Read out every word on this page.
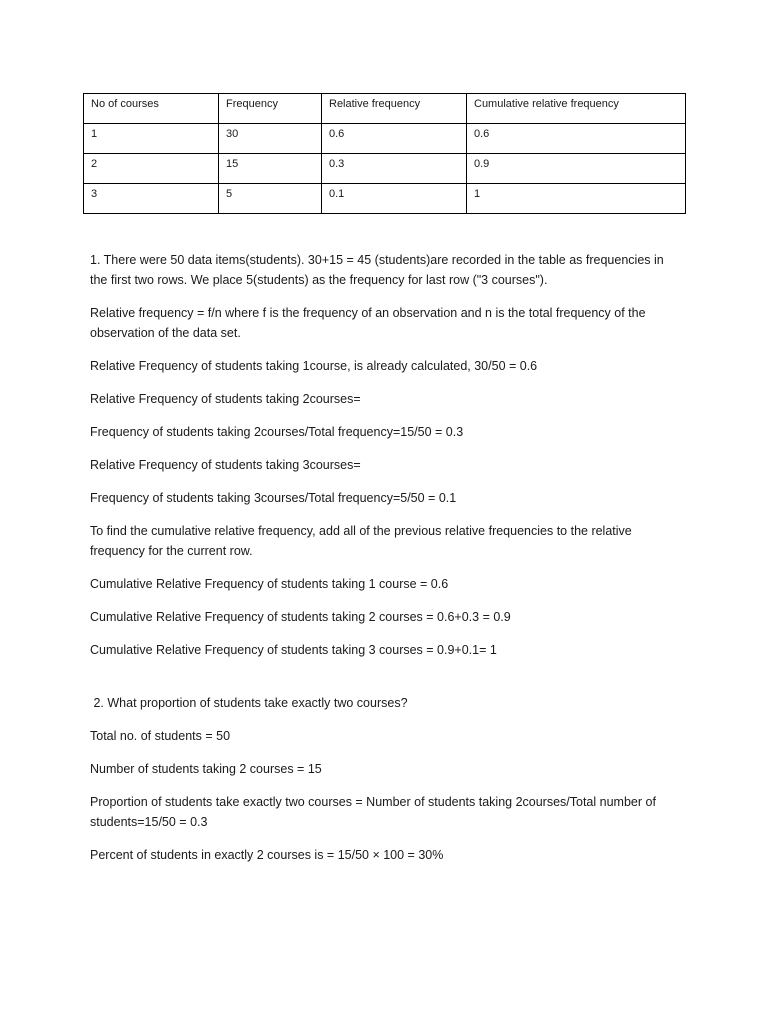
No of courses	Frequency	Relative frequency	Cumulative relative frequency
1	30	0.6	0.6
2	15	0.3	0.9
3	5	0.1	1

1. There were 50 data items(students). 30+15 = 45 (students)are recorded in the table as frequencies in the first two rows. We place 5(students) as the frequency for last row ("3 courses").

Relative frequency = f/n where f is the frequency of an observation and n is the total frequency of the observation of the data set.

Relative Frequency of students taking 1course, is already calculated, 30/50 = 0.6

Relative Frequency of students taking 2courses=

Frequency of students taking 2courses/Total frequency=15/50 = 0.3

Relative Frequency of students taking 3courses=

Frequency of students taking 3courses/Total frequency=5/50 = 0.1

To find the cumulative relative frequency, add all of the previous relative frequencies to the relative frequency for the current row.

Cumulative Relative Frequency of students taking 1 course = 0.6

Cumulative Relative Frequency of students taking 2 courses = 0.6+0.3 = 0.9

Cumulative Relative Frequency of students taking 3 courses = 0.9+0.1= 1

2. What proportion of students take exactly two courses?

Total no. of students = 50

Number of students taking 2 courses = 15

Proportion of students take exactly two courses = Number of students taking 2courses/Total number of students=15/50 = 0.3

Percent of students in exactly 2 courses is = 15/50 × 100 = 30%
